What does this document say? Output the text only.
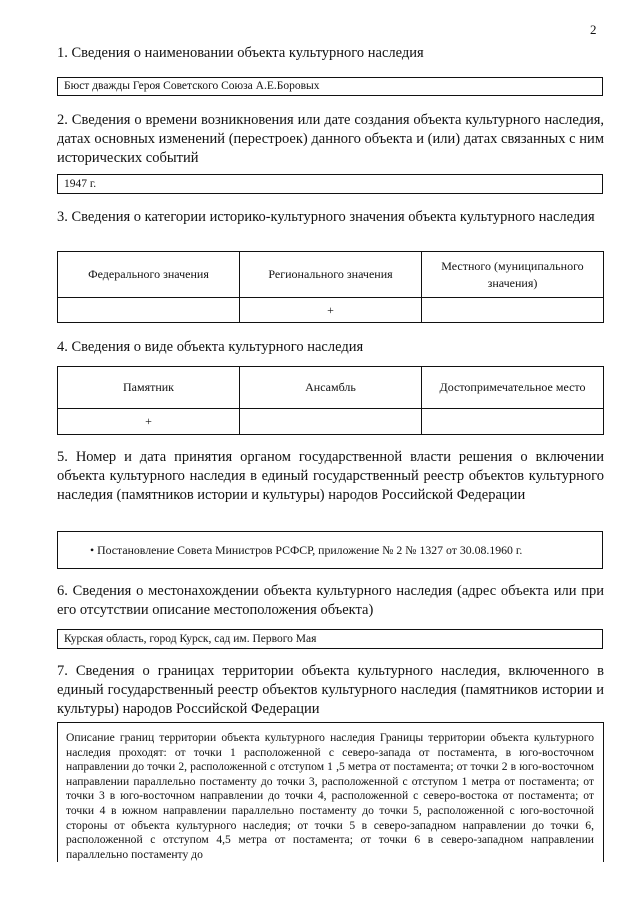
2
1. Сведения о наименовании объекта культурного наследия
Бюст дважды Героя Советского Союза А.Е.Боровых
2. Сведения о времени возникновения или дате создания объекта культурного наследия, датах основных изменений (перестроек) данного объекта и (или) датах связанных с ним исторических событий
1947 г.
3. Сведения о категории историко-культурного значения объекта культурного наследия
Федерального значения	Регионального значения	Местного (муниципального значения)
	+	
4. Сведения о виде объекта культурного наследия
Памятник	Ансамбль	Достопримечательное место
+		
5. Номер и дата принятия органом государственной власти решения о включении объекта культурного наследия в единый государственный реестр объектов культурного наследия (памятников истории и культуры) народов Российской Федерации
• Постановление Совета Министров РСФСР, приложение № 2 № 1327 от 30.08.1960 г.
6. Сведения о местонахождении объекта культурного наследия (адрес объекта или при его отсутствии описание местоположения объекта)
Курская область, город Курск, сад им. Первого Мая
7. Сведения о границах территории объекта культурного наследия, включенного в единый государственный реестр объектов культурного наследия (памятников истории и культуры) народов Российской Федерации
Описание границ территории объекта культурного наследия Границы территории объекта культурного наследия проходят: от точки 1 расположенной с северо-запада от постамента, в юго-восточном направлении до точки 2, расположенной с отступом 1 ,5 метра от постамента; от точки 2 в юго-восточном направлении параллельно постаменту до точки 3, расположенной с отступом 1 метра от постамента; от точки 3 в юго-восточном направлении до точки 4, расположенной с северо-востока от постамента; от точки 4 в южном направлении параллельно постаменту до точки 5, расположенной с юго-восточной стороны от объекта культурного наследия; от точки 5 в северо-западном направлении до точки 6, расположенной с отступом 4,5 метра от постамента; от точки 6 в северо-западном направлении параллельно постаменту до
